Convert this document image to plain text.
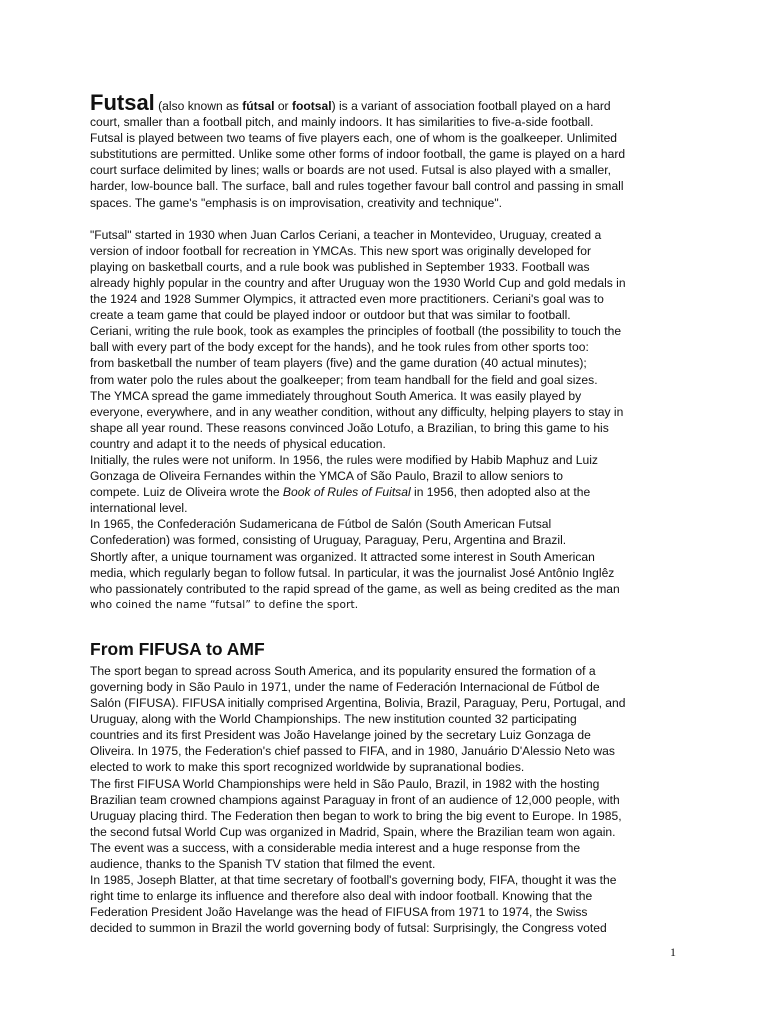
Futsal (also known as fútsal or footsal) is a variant of association football played on a hard
court, smaller than a football pitch, and mainly indoors. It has similarities to five-a-side football.
Futsal is played between two teams of five players each, one of whom is the goalkeeper. Unlimited
substitutions are permitted. Unlike some other forms of indoor football, the game is played on a hard
court surface delimited by lines; walls or boards are not used. Futsal is also played with a smaller,
harder, low-bounce ball. The surface, ball and rules together favour ball control and passing in small
spaces. The game's "emphasis is on improvisation, creativity and technique".
"Futsal" started in 1930 when Juan Carlos Ceriani, a teacher in Montevideo, Uruguay, created a
version of indoor football for recreation in YMCAs. This new sport was originally developed for
playing on basketball courts, and a rule book was published in September 1933. Football was
already highly popular in the country and after Uruguay won the 1930 World Cup and gold medals in
the 1924 and 1928 Summer Olympics, it attracted even more practitioners. Ceriani's goal was to
create a team game that could be played indoor or outdoor but that was similar to football.
Ceriani, writing the rule book, took as examples the principles of football (the possibility to touch the
ball with every part of the body except for the hands), and he took rules from other sports too:
from basketball the number of team players (five) and the game duration (40 actual minutes);
from water polo the rules about the goalkeeper; from team handball for the field and goal sizes.
The YMCA spread the game immediately throughout South America. It was easily played by
everyone, everywhere, and in any weather condition, without any difficulty, helping players to stay in
shape all year round. These reasons convinced João Lotufo, a Brazilian, to bring this game to his
country and adapt it to the needs of physical education.
Initially, the rules were not uniform. In 1956, the rules were modified by Habib Maphuz and Luiz
Gonzaga de Oliveira Fernandes within the YMCA of São Paulo, Brazil to allow seniors to
compete. Luiz de Oliveira wrote the Book of Rules of Fuitsal in 1956, then adopted also at the
international level.
In 1965, the Confederación Sudamericana de Fútbol de Salón (South American Futsal
Confederation) was formed, consisting of Uruguay, Paraguay, Peru, Argentina and Brazil.
Shortly after, a unique tournament was organized. It attracted some interest in South American
media, which regularly began to follow futsal. In particular, it was the journalist José Antônio Inglêz
who passionately contributed to the rapid spread of the game, as well as being credited as the man
who coined the name “futsal” to define the sport.
From FIFUSA to AMF
The sport began to spread across South America, and its popularity ensured the formation of a
governing body in São Paulo in 1971, under the name of Federación Internacional de Fútbol de
Salón (FIFUSA). FIFUSA initially comprised Argentina, Bolivia, Brazil, Paraguay, Peru, Portugal, and
Uruguay, along with the World Championships. The new institution counted 32 participating
countries and its first President was João Havelange joined by the secretary Luiz Gonzaga de
Oliveira. In 1975, the Federation's chief passed to FIFA, and in 1980, Januário D'Alessio Neto was
elected to work to make this sport recognized worldwide by supranational bodies.
The first FIFUSA World Championships were held in São Paulo, Brazil, in 1982 with the hosting
Brazilian team crowned champions against Paraguay in front of an audience of 12,000 people, with
Uruguay placing third. The Federation then began to work to bring the big event to Europe. In 1985,
the second futsal World Cup was organized in Madrid, Spain, where the Brazilian team won again.
The event was a success, with a considerable media interest and a huge response from the
audience, thanks to the Spanish TV station that filmed the event.
In 1985, Joseph Blatter, at that time secretary of football's governing body, FIFA, thought it was the
right time to enlarge its influence and therefore also deal with indoor football. Knowing that the
Federation President João Havelange was the head of FIFUSA from 1971 to 1974, the Swiss
decided to summon in Brazil the world governing body of futsal: Surprisingly, the Congress voted
1
